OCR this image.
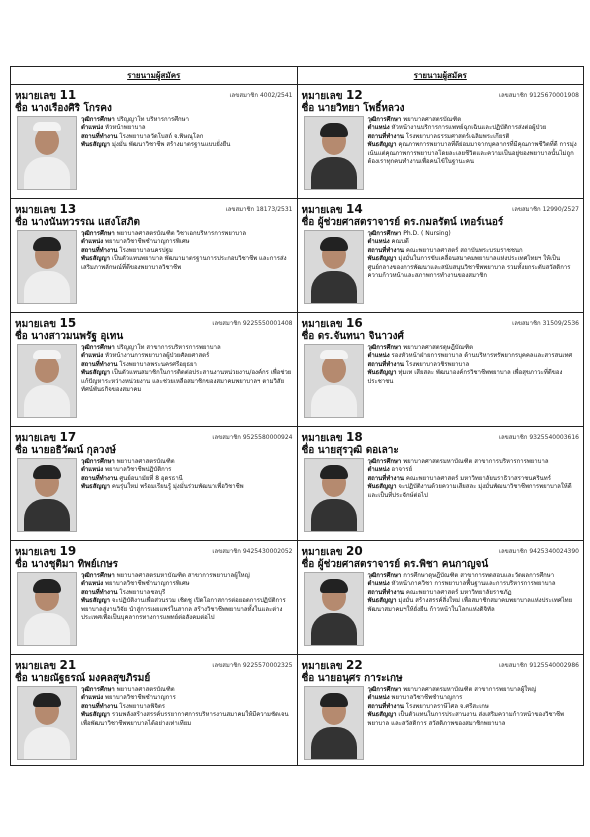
รายนามผู้สมัคร	รายนามผู้สมัคร
หมายเลข 11	เลขสมาชิก 4002/2541
ชื่อ นางเรืองศิริ โกรคง

วุฒิการศึกษา ปริญญาโท บริหารการศึกษา

ตำแหน่ง หัวหน้าพยาบาล

สถานที่ทำงาน โรงพยาบาลวัดโบสถ์ จ.พิษณุโลก

พันธสัญญา มุ่งมั่น พัฒนาวิชาชีพ สร้างมาตรฐานแบบยั่งยืน

หมายเลข 12	เลขสมาชิก 9125670001908
ชื่อ นายวิทยา โพธิ์หลวง

วุฒิการศึกษา พยาบาลศาสตรบัณฑิต

ตำแหน่ง หัวหน้างานบริการการแพทย์ฉุกเฉินและปฏิบัติการส่งต่อผู้ป่วย

สถานที่ทำงาน โรงพยาบาลธรรมศาสตร์เฉลิมพระเกียรติ

พันธสัญญา คุณภาพการพยาบาลที่ดีย่อมมาจากบุคลากรที่มีคุณภาพชีวิตที่ดี การมุ่งเน้นแต่คุณภาพการพยาบาลโดยละเลยชีวิตและความเป็นอยู่ของพยาบาลนั้นไม่ถูกต้องเราทุกคนทำงานเพื่อคนไข้ในฐานะคน

หมายเลข 13	เลขสมาชิก 18173/2531
ชื่อ นางนันทวรรณ แสงโสภิต

วุฒิการศึกษา พยาบาลศาสตรบัณฑิต วิชาเอกบริหารการพยาบาล

ตำแหน่ง พยาบาลวิชาชีพชำนาญการพิเศษ

สถานที่ทำงาน โรงพยาบาลนครปฐม

พันธสัญญา เป็นตัวแทนพยาบาล พัฒนามาตรฐานการประกอบวิชาชีพ และการส่งเสริมภาพลักษณ์ที่ดีของพยาบาลวิชาชีพ

หมายเลข 14	เลขสมาชิก 12990/2527
ชื่อ ผู้ช่วยศาสตราจารย์ ดร.กมลรัตน์ เทอร์เนอร์

วุฒิการศึกษา Ph.D. ( Nursing)

ตำแหน่ง คณบดี

สถานที่ทำงาน คณะพยาบาลศาสตร์ สถาบันพระบรมราชชนก

พันธสัญญา มุ่งมั่นในการขับเคลื่อนสมาคมพยาบาลแห่งประเทศไทยฯ ให้เป็นศูนย์กลางของการพัฒนาและสนับสนุนวิชาชีพพยาบาล รวมทั้งยกระดับสวัสดิการความก้าวหน้าและสภาพการทำงานของสมาชิก

หมายเลข 15	เลขสมาชิก 9225550001408
ชื่อ นางสาวมนพรัฐ อุเทน

วุฒิการศึกษา ปริญญาโท สาขาการบริหารการพยาบาล

ตำแหน่ง หัวหน้างานการพยาบาลผู้ป่วยศัลยศาสตร์

สถานที่ทำงาน โรงพยาบาลพระนครศรีอยุธยา

พันธสัญญา เป็นตัวแทนสมาชิกในการติดต่อประสานงานหน่วยงาน/องค์กร เพื่อช่วยแก้ปัญหาระหว่างหน่วยงาน และช่วยเหลือสมาชิกของสมาคมพยาบาลฯ ตามวิสัยทัศน์พันธกิจของสมาคม

หมายเลข 16	เลขสมาชิก 31509/2536
ชื่อ ดร.จันทนา จินาวงศ์

วุฒิการศึกษา พยาบาลศาสตรดุษฎีบัณฑิต

ตำแหน่ง รองหัวหน้าฝ่ายการพยาบาล ด้านบริหารทรัพยากรบุคคลและสารสนเทศ

สถานที่ทำงาน โรงพยาบาลวชิรพยาบาล

พันธสัญญา ทุ่มเท เสียสละ พัฒนาองค์กรวิชาชีพพยาบาล เพื่อสุขภาวะที่ดีของประชาชน

หมายเลข 17	เลขสมาชิก 9525580000924
ชื่อ นายอธิวัฒน์ กุลวงษ์

วุฒิการศึกษา พยาบาลศาสตรบัณฑิต

ตำแหน่ง พยาบาลวิชาชีพปฏิบัติการ

สถานที่ทำงาน ศูนย์อนามัยที่ 8 อุดรธานี

พันธสัญญา คนรุ่นใหม่ พร้อมเรียนรู้ มุ่งมั่นร่วมพัฒนาเพื่อวิชาชีพ

หมายเลข 18	เลขสมาชิก 9325540003616
ชื่อ นายสุรวุฒิ ดอเลาะ

วุฒิการศึกษา พยาบาลศาสตรมหาบัณฑิต สาขาการบริหารการพยาบาล

ตำแหน่ง อาจารย์

สถานที่ทำงาน คณะพยาบาลศาสตร์ มหาวิทยาลัยนราธิวาสราชนครินทร์

พันธสัญญา จะปฏิบัติงานด้วยความเสียสละ มุ่งมั่นพัฒนาวิชาชีพการพยาบาลให้ดีและเป็นที่ประจักษ์ต่อไป

หมายเลข 19	เลขสมาชิก 9425430002052
ชื่อ นางชุติมา ทิพย์เกษร

วุฒิการศึกษา พยาบาลศาสตรมหาบัณฑิต สาขาการพยาบาลผู้ใหญ่

ตำแหน่ง พยาบาลวิชาชีพชำนาญการพิเศษ

สถานที่ทำงาน โรงพยาบาลชลบุรี

พันธสัญญา จะปฏิบัติงานเพื่อส่วนรวม เชิดชู เปิดโอกาสการต่อยอดการปฏิบัติการพยาบาลสู่งานวิจัย นำสู่การเผยแพร่ในสากล สร้างวิชาชีพพยาบาลทั้งในและต่างประเทศเพื่อเป็นบุคลากรทางการแพทย์ต่อสังคมต่อไป

หมายเลข 20	เลขสมาชิก 9425340024390
ชื่อ ผู้ช่วยศาสตราจารย์ ดร.พิชา คนกาญจน์

วุฒิการศึกษา การศึกษาดุษฎีบัณฑิต สาขาการทดสอบและวัดผลการศึกษา

ตำแหน่ง หัวหน้าภาควิชา การพยาบาลพื้นฐานและการบริหารการพยาบาล

สถานที่ทำงาน คณะพยาบาลศาสตร์ มหาวิทยาลัยราชภัฏ

พันธสัญญา มุ่งมั่น สร้างสรรค์สิ่งใหม่ เพื่อสมาชิกสมาคมพยาบาลแห่งประเทศไทย พัฒนาสมาคมฯให้ยั่งยืน ก้าวหน้าในโลกแห่งดิจิทัล

หมายเลข 21	เลขสมาชิก 9225570002325
ชื่อ นายณัฐธรณ์ มงคลสุขภิรมย์

วุฒิการศึกษา พยาบาลศาสตรบัณฑิต

ตำแหน่ง พยาบาลวิชาชีพชำนาญการ

สถานที่ทำงาน โรงพยาบาลพิจิตร

พันธสัญญา รวมพลังสร้างสรรค์บรรยากาศการบริหารงานสมาคมให้มีความชัดเจน เพื่อพัฒนาวิชาชีพพยาบาลได้อย่างเท่าเทียม

หมายเลข 22	เลขสมาชิก 9125540002986
ชื่อ นายอนุศร การะเกษ

วุฒิการศึกษา พยาบาลศาสตรมหาบัณฑิต สาขาการพยาบาลผู้ใหญ่

ตำแหน่ง พยาบาลวิชาชีพชำนาญการ

สถานที่ทำงาน โรงพยาบาลราษีไศล จ.ศรีสะเกษ

พันธสัญญา เป็นตัวแทนในการประสานงาน ส่งเสริมความก้าวหน้าของวิชาชีพพยาบาล และสวัสดิการ สวัสดิภาพของสมาชิกพยาบาล
